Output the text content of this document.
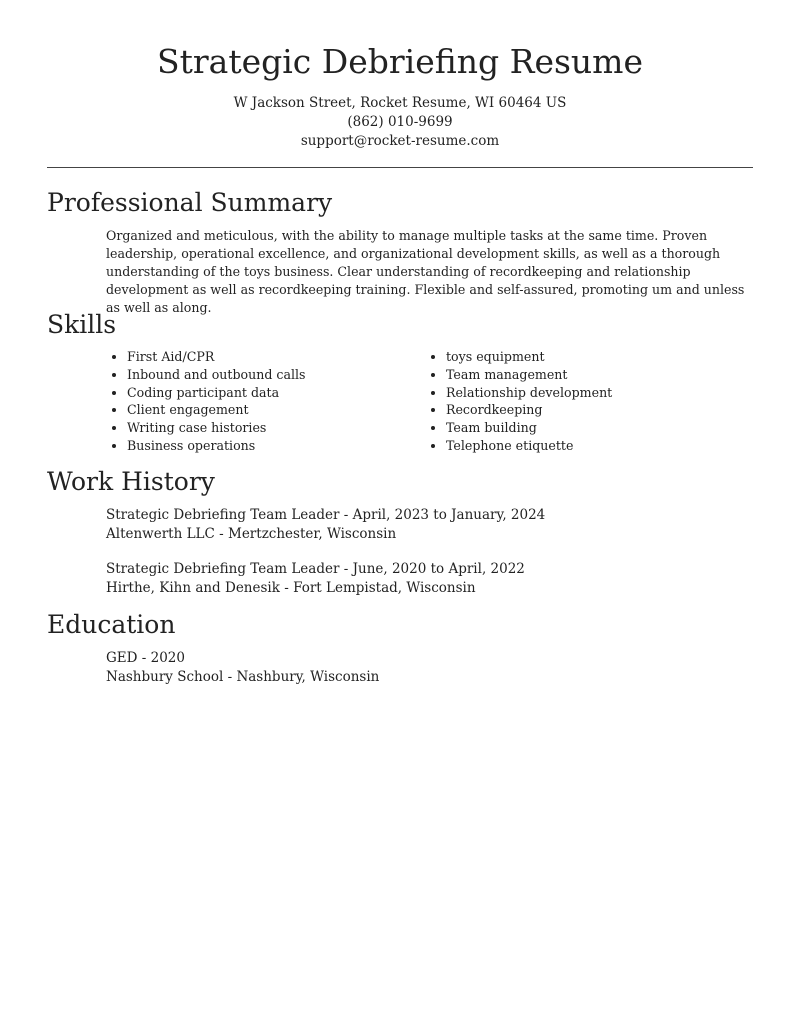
Strategic Debriefing Resume
W Jackson Street, Rocket Resume, WI 60464 US
(862) 010-9699
support@rocket-resume.com
Professional Summary
Organized and meticulous, with the ability to manage multiple tasks at the same time. Proven leadership, operational excellence, and organizational development skills, as well as a thorough understanding of the toys business. Clear understanding of recordkeeping and relationship development as well as recordkeeping training. Flexible and self-assured, promoting um and unless as well as along.
Skills
• First Aid/CPR
• Inbound and outbound calls
• Coding participant data
• Client engagement
• Writing case histories
• Business operations
• toys equipment
• Team management
• Relationship development
• Recordkeeping
• Team building
• Telephone etiquette
Work History
Strategic Debriefing Team Leader - April, 2023 to January, 2024
Altenwerth LLC - Mertzchester, Wisconsin
Strategic Debriefing Team Leader - June, 2020 to April, 2022
Hirthe, Kihn and Denesik - Fort Lempistad, Wisconsin
Education
GED - 2020
Nashbury School - Nashbury, Wisconsin
